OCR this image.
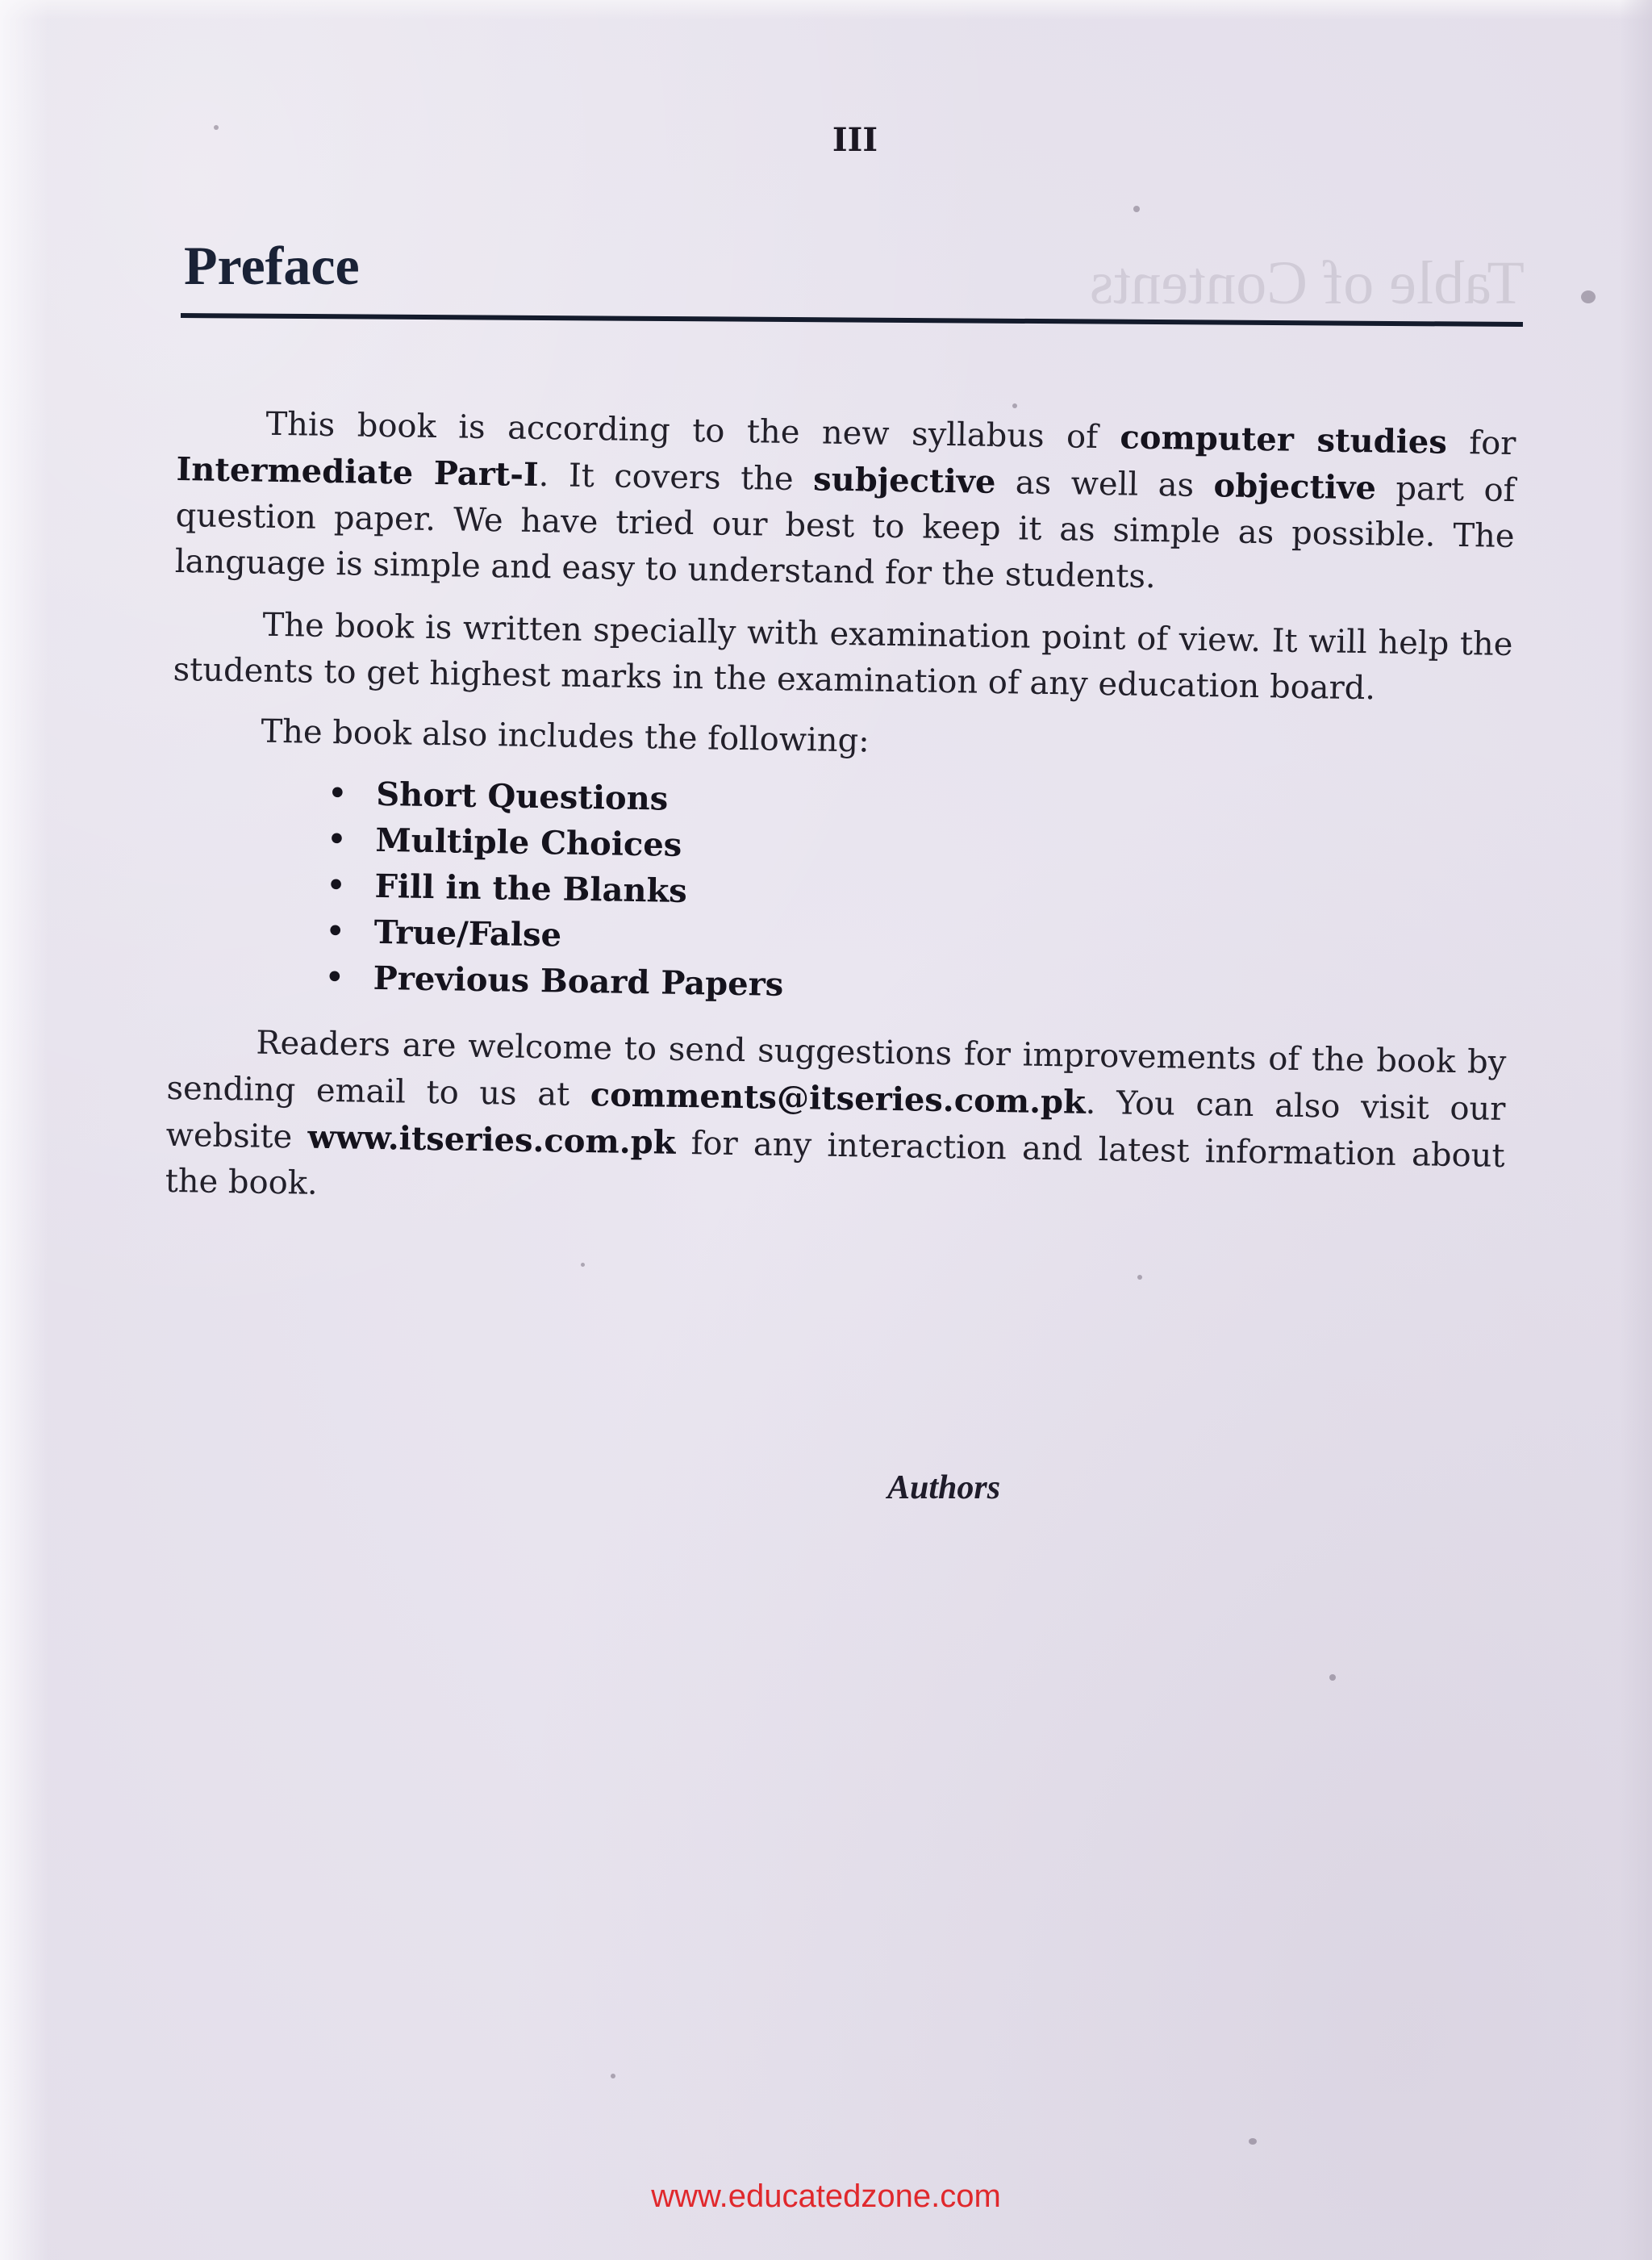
Table of Contents
III
Preface

This book is according to the new syllabus of computer studies for Intermediate Part-I. It covers the subjective as well as objective part of question paper. We have tried our best to keep it as simple as possible. The language is simple and easy to understand for the students.

The book is written specially with examination point of view. It will help the students to get highest marks in the examination of any education board.

The book also includes the following:

• Short Questions
• Multiple Choices
• Fill in the Blanks
• True/False
• Previous Board Papers

Readers are welcome to send suggestions for improvements of the book by sending email to us at comments@itseries.com.pk. You can also visit our website www.itseries.com.pk for any interaction and latest information about the book.

Authors
www.educatedzone.com
